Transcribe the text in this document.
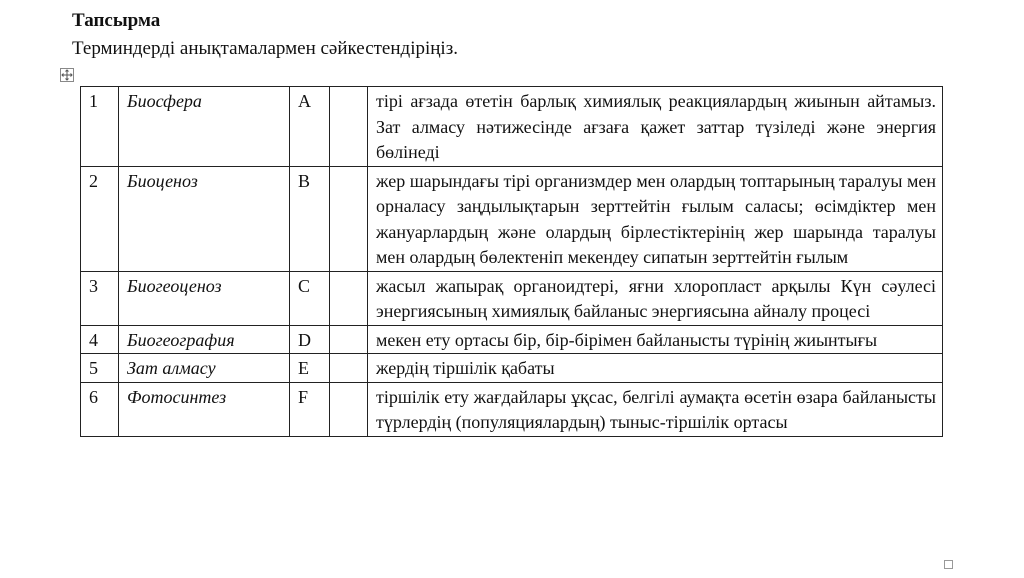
Тапсырма
Терминдерді анықтамалармен сәйкестендіріңіз.
1	Биосфера	A		тірі ағзада өтетін барлық химиялық реакциялардың жиынын айтамыз. Зат алмасу нәтижесінде ағзаға қажет заттар түзіледі және энергия бөлінеді
2	Биоценоз	B		жер шарындағы тірі организмдер мен олардың топтарының таралуы мен орналасу заңдылықтарын зерттейтін ғылым саласы; өсімдіктер мен жануарлардың және олардың бірлестіктерінің жер шарында таралуы мен олардың бөлектеніп мекендеу сипатын зерттейтін ғылым
3	Биогеоценоз	C		жасыл жапырақ органоидтері, яғни хлоропласт арқылы Күн сәулесі энергиясының химиялық байланыс энергиясына айналу процесі
4	Биогеография	D		мекен ету ортасы бір, бір-бірімен байланысты түрінің жиынтығы
5	Зат алмасу	E		жердің тіршілік қабаты
6	Фотосинтез	F		тіршілік ету жағдайлары ұқсас, белгілі аумақта өсетін өзара байланысты түрлердің (популяциялардың) тыныс-тіршілік ортасы
